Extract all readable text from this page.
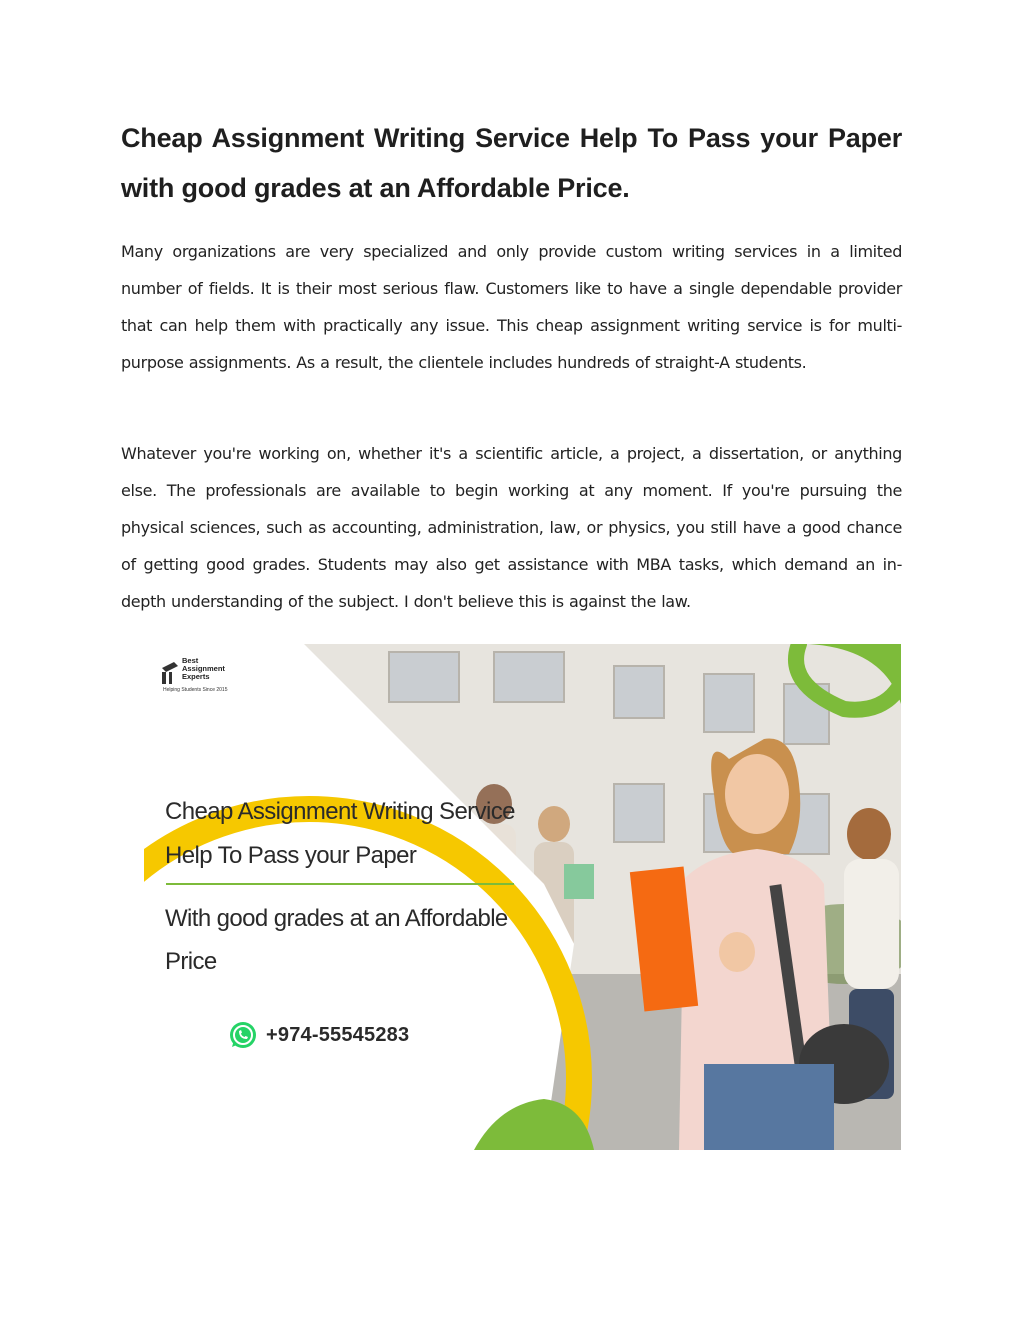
Cheap Assignment Writing Service Help To Pass your Paper with good grades at an Affordable Price.

Many organizations are very specialized and only provide custom writing services in a limited number of fields. It is their most serious flaw. Customers like to have a single dependable provider that can help them with practically any issue. This cheap assignment writing service is for multi-purpose assignments. As a result, the clientele includes hundreds of straight-A students.

Whatever you're working on, whether it's a scientific article, a project, a dissertation, or anything else. The professionals are available to begin working at any moment. If you're pursuing the physical sciences, such as accounting, administration, law, or physics, you still have a good chance of getting good grades. Students may also get assistance with MBA tasks, which demand an in-depth understanding of the subject. I don't believe this is against the law.

Best
Assignment
Experts
Helping Students Since 2015
Cheap Assignment Writing Service Help To Pass your Paper
With good grades at an Affordable Price
+974-55545283
